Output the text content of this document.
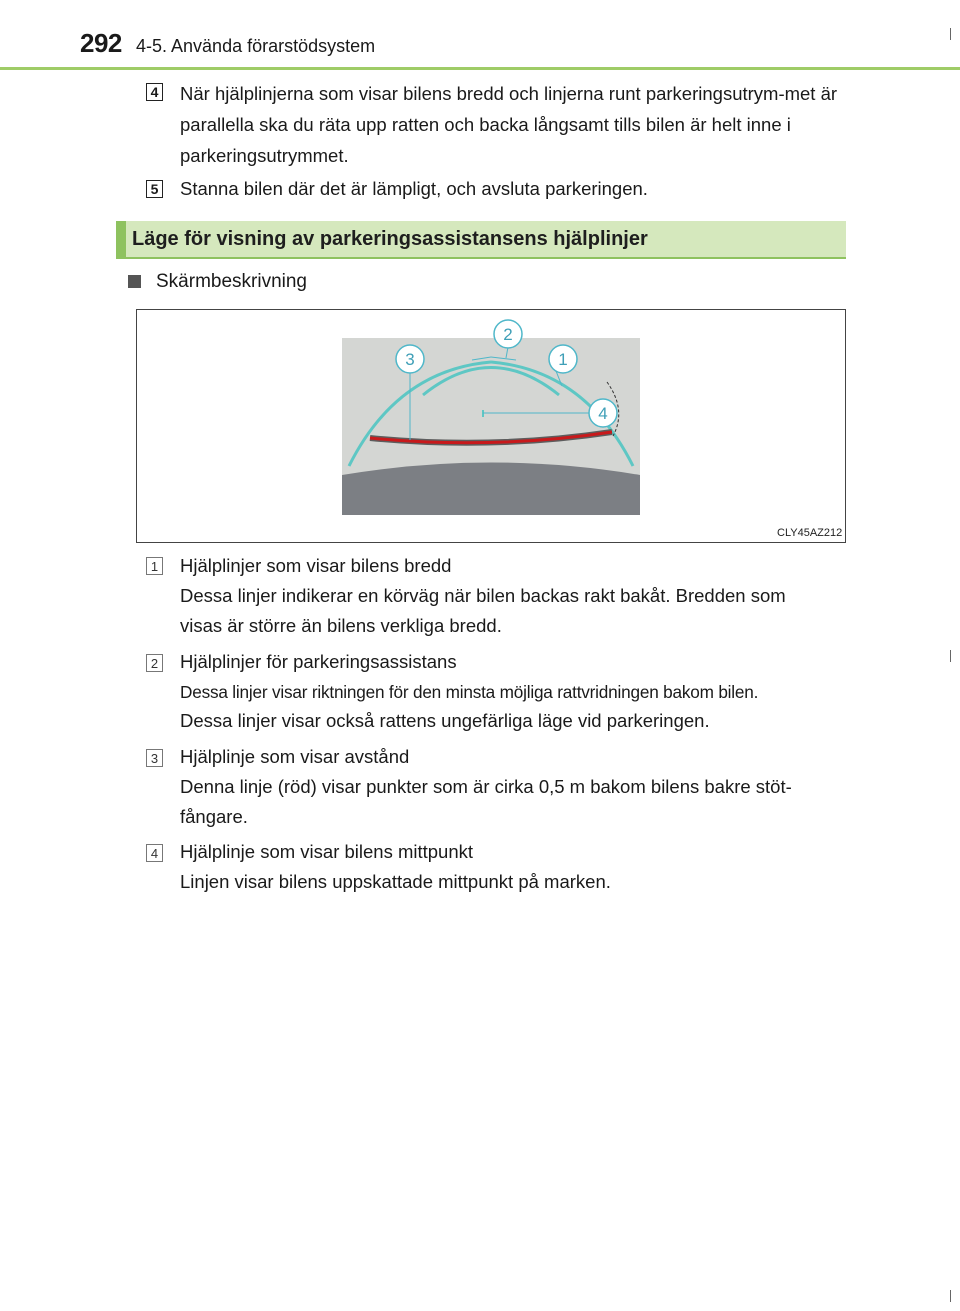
292 4-5. Använda förarstödsystem
4 När hjälplinjerna som visar bilens bredd och linjerna runt parkeringsutrym-met är parallella ska du räta upp ratten och backa långsamt tills bilen är helt inne i parkeringsutrymmet.
5 Stanna bilen där det är lämpligt, och avsluta parkeringen.
Läge för visning av parkeringsassistansens hjälplinjer
Skärmbeskrivning
3
2
1
4
CLY45AZ212
1 Hjälplinjer som visar bilens bredd
Dessa linjer indikerar en körväg när bilen backas rakt bakåt. Bredden som
visas är större än bilens verkliga bredd.
2 Hjälplinjer för parkeringsassistans
Dessa linjer visar riktningen för den minsta möjliga rattvridningen bakom bilen.
Dessa linjer visar också rattens ungefärliga läge vid parkeringen.
3 Hjälplinje som visar avstånd
Denna linje (röd) visar punkter som är cirka 0,5 m bakom bilens bakre stöt-
fångare.
4 Hjälplinje som visar bilens mittpunkt
Linjen visar bilens uppskattade mittpunkt på marken.
